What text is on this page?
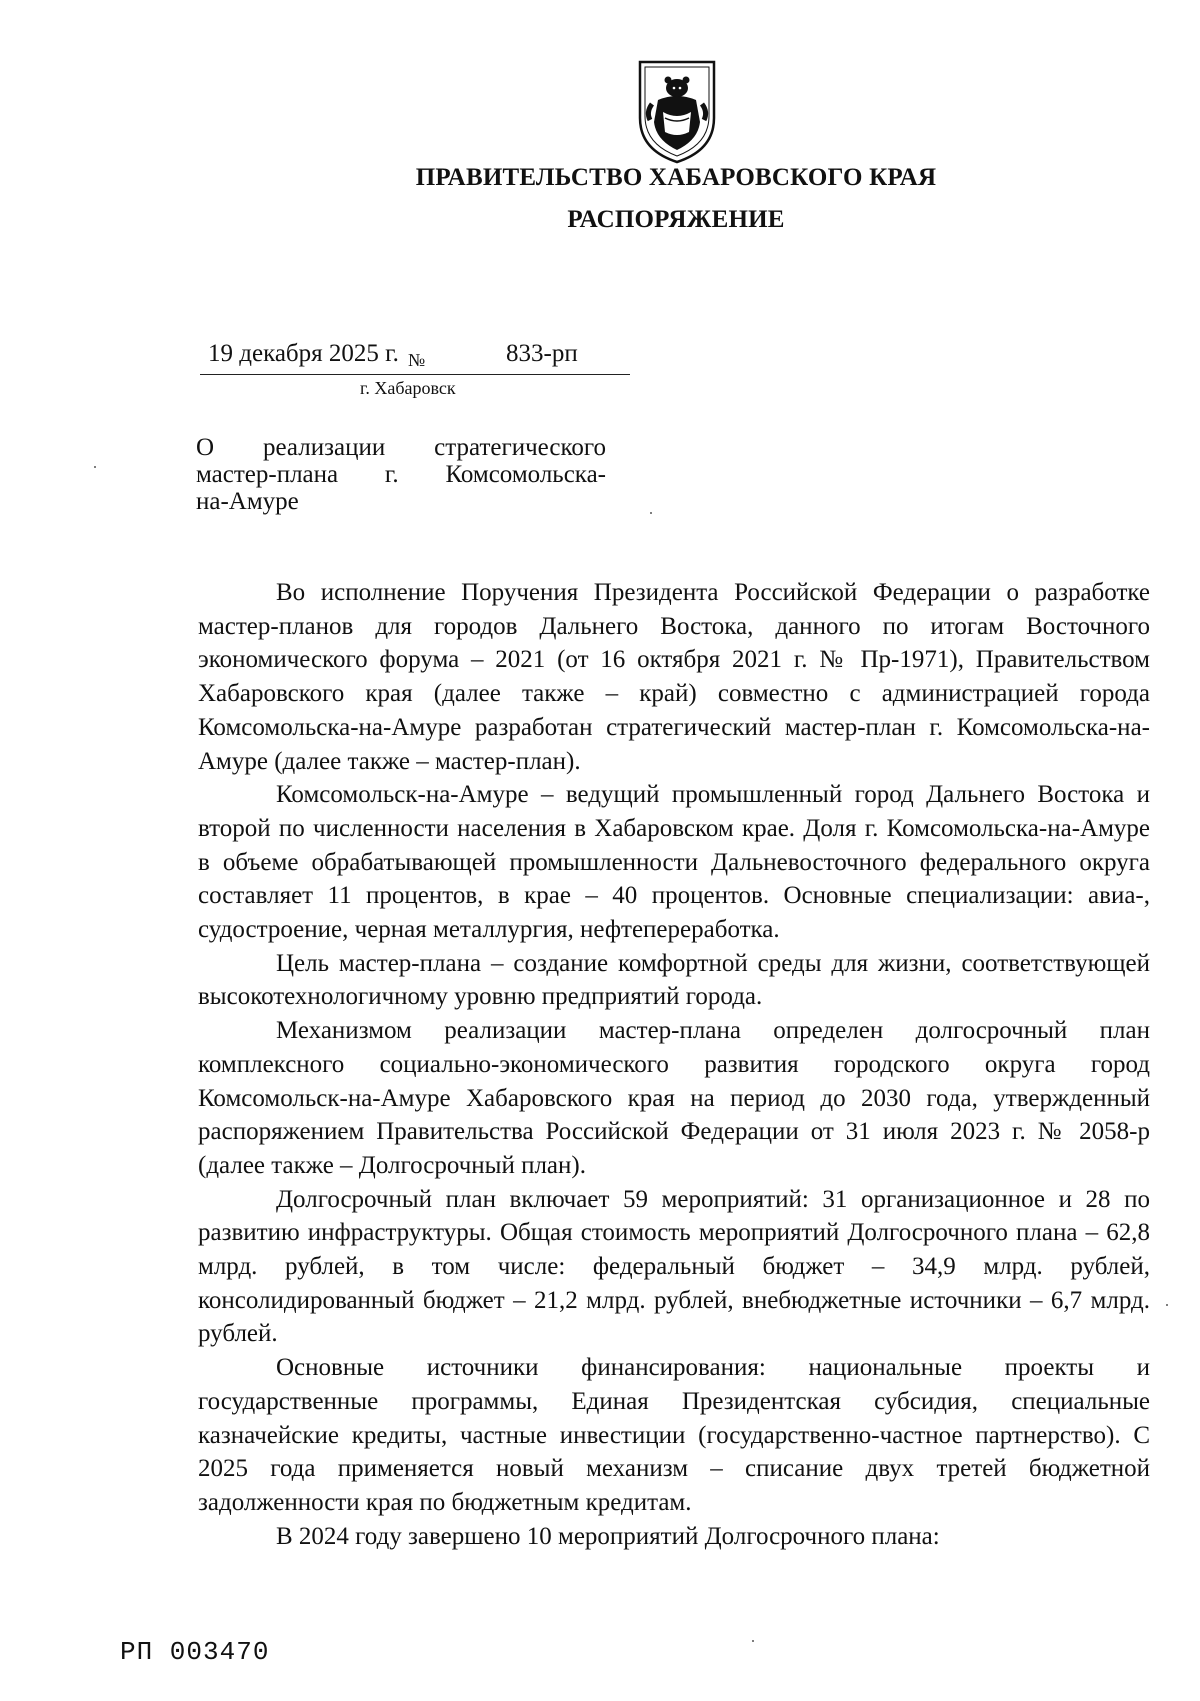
ПРАВИТЕЛЬСТВО ХАБАРОВСКОГО КРАЯ
РАСПОРЯЖЕНИЕ
19 декабря 2025 г. №	833-рп
г. Хабаровск
О реализации стратегического
мастер-плана г. Комсомольска-
на-Амуре

Во исполнение Поручения Президента Российской Федерации о разработке мастер-планов для городов Дальнего Востока, данного по итогам Восточного экономического форума – 2021 (от 16 октября 2021 г. № Пр-1971), Правительством Хабаровского края (далее также – край) совместно с администрацией города Комсомольска-на-Амуре разработан стратегический мастер-план г. Комсомольска-на-Амуре (далее также – мастер-план).

Комсомольск-на-Амуре – ведущий промышленный город Дальнего Востока и второй по численности населения в Хабаровском крае. Доля г. Комсомольска-на-Амуре в объеме обрабатывающей промышленности Дальневосточного федерального округа составляет 11 процентов, в крае – 40 процентов. Основные специализации: авиа-, судостроение, черная металлургия, нефтепереработка.

Цель мастер-плана – создание комфортной среды для жизни, соответствующей высокотехнологичному уровню предприятий города.

Механизмом реализации мастер-плана определен долгосрочный план комплексного социально-экономического развития городского округа город Комсомольск-на-Амуре Хабаровского края на период до 2030 года, утвержденный распоряжением Правительства Российской Федерации от 31 июля 2023 г. № 2058-р (далее также – Долгосрочный план).

Долгосрочный план включает 59 мероприятий: 31 организационное и 28 по развитию инфраструктуры. Общая стоимость мероприятий Долгосрочного плана – 62,8 млрд. рублей, в том числе: федеральный бюджет – 34,9 млрд. рублей, консолидированный бюджет – 21,2 млрд. рублей, внебюджетные источники – 6,7 млрд. рублей.

Основные источники финансирования: национальные проекты и государственные программы, Единая Президентская субсидия, специальные казначейские кредиты, частные инвестиции (государственно-частное партнерство). С 2025 года применяется новый механизм – списание двух третей бюджетной задолженности края по бюджетным кредитам.

В 2024 году завершено 10 мероприятий Долгосрочного плана:

РП 003470
